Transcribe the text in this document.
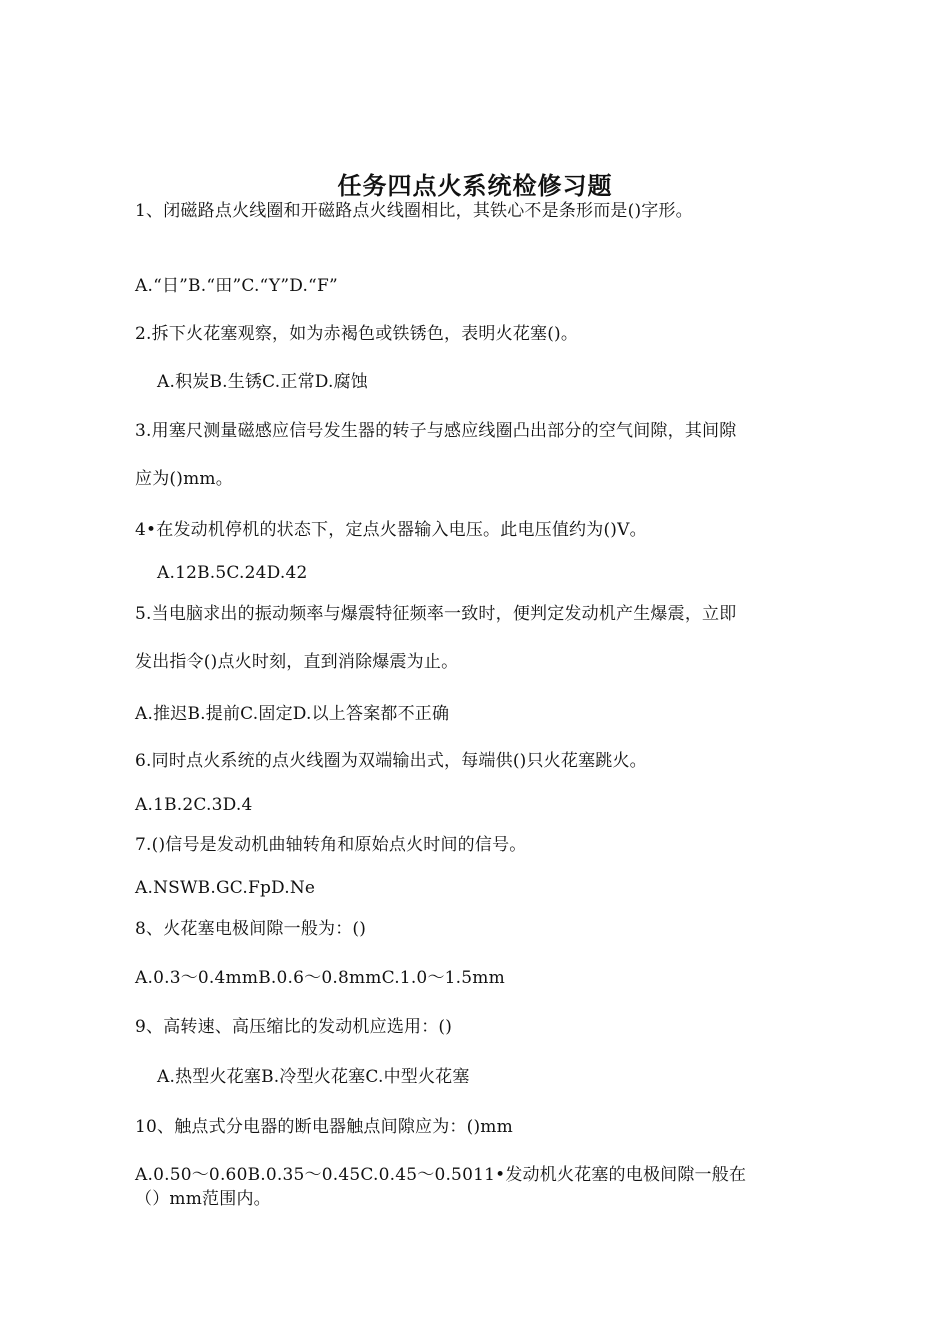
任务四点火系统检修习题
1、闭磁路点火线圈和开磁路点火线圈相比，其铁心不是条形而是()字形。
A.“日”B.“田”C.“Y”D.“F”
2.拆下火花塞观察，如为赤褐色或铁锈色，表明火花塞()。
A.积炭B.生锈C.正常D.腐蚀
3.用塞尺测量磁感应信号发生器的转子与感应线圈凸出部分的空气间隙，其间隙
应为()mm。
4•在发动机停机的状态下，定点火器输入电压。此电压值约为()V。
A.12B.5C.24D.42
5.当电脑求出的振动频率与爆震特征频率一致时，便判定发动机产生爆震，立即
发出指令()点火时刻，直到消除爆震为止。
A.推迟B.提前C.固定D.以上答案都不正确
6.同时点火系统的点火线圈为双端输出式，每端供()只火花塞跳火。
A.1B.2C.3D.4
7.()信号是发动机曲轴转角和原始点火时间的信号。
A.NSWB.GC.FpD.Ne
8、火花塞电极间隙一般为：()
A.0.3〜0.4mmB.0.6〜0.8mmC.1.0〜1.5mm
9、高转速、高压缩比的发动机应选用：()
A.热型火花塞B.冷型火花塞C.中型火花塞
10、触点式分电器的断电器触点间隙应为：()mm
A.0.50〜0.60B.0.35〜0.45C.0.45〜0.5011•发动机火花塞的电极间隙一般在
（）mm范围内。
